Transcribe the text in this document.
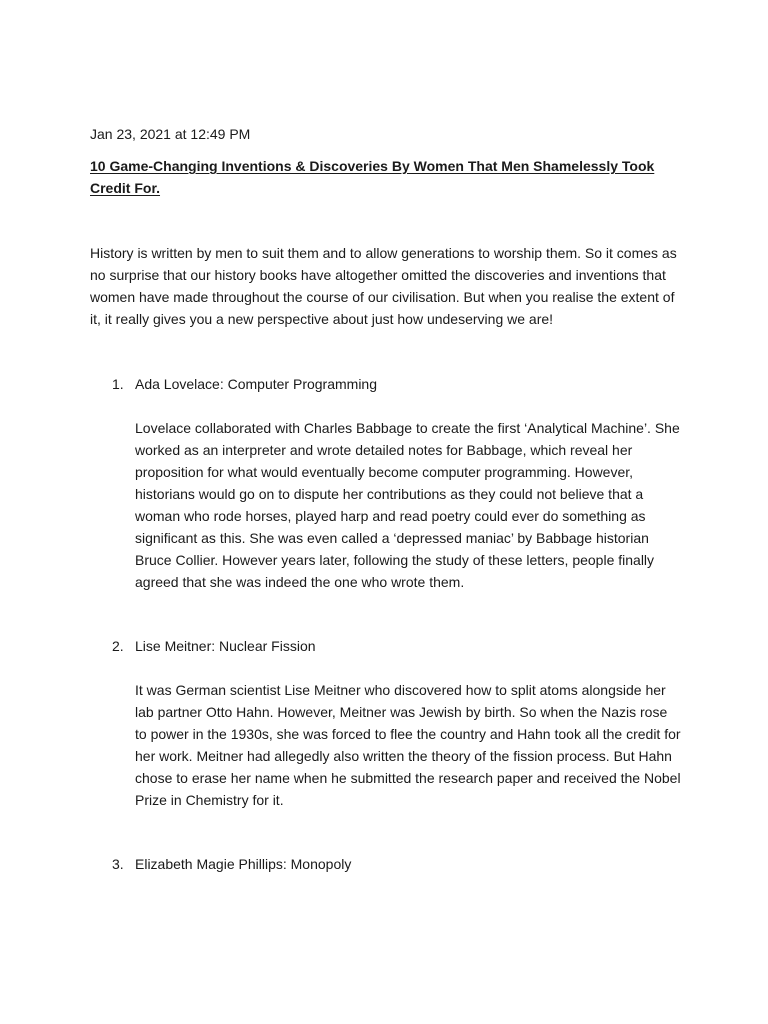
Jan 23, 2021 at 12:49 PM

10 Game-Changing Inventions & Discoveries By Women That Men Shamelessly Took Credit For.

History is written by men to suit them and to allow generations to worship them. So it comes as no surprise that our history books have altogether omitted the discoveries and inventions that women have made throughout the course of our civilisation. But when you realise the extent of it, it really gives you a new perspective about just how undeserving we are!

1. Ada Lovelace: Computer Programming

Lovelace collaborated with Charles Babbage to create the first ‘Analytical Machine’. She worked as an interpreter and wrote detailed notes for Babbage, which reveal her proposition for what would eventually become computer programming. However, historians would go on to dispute her contributions as they could not believe that a woman who rode horses, played harp and read poetry could ever do something as significant as this. She was even called a ‘depressed maniac’ by Babbage historian Bruce Collier. However years later, following the study of these letters, people finally agreed that she was indeed the one who wrote them.

2. Lise Meitner: Nuclear Fission

It was German scientist Lise Meitner who discovered how to split atoms alongside her lab partner Otto Hahn. However, Meitner was Jewish by birth. So when the Nazis rose to power in the 1930s, she was forced to flee the country and Hahn took all the credit for her work. Meitner had allegedly also written the theory of the fission process. But Hahn chose to erase her name when he submitted the research paper and received the Nobel Prize in Chemistry for it.

3. Elizabeth Magie Phillips: Monopoly
